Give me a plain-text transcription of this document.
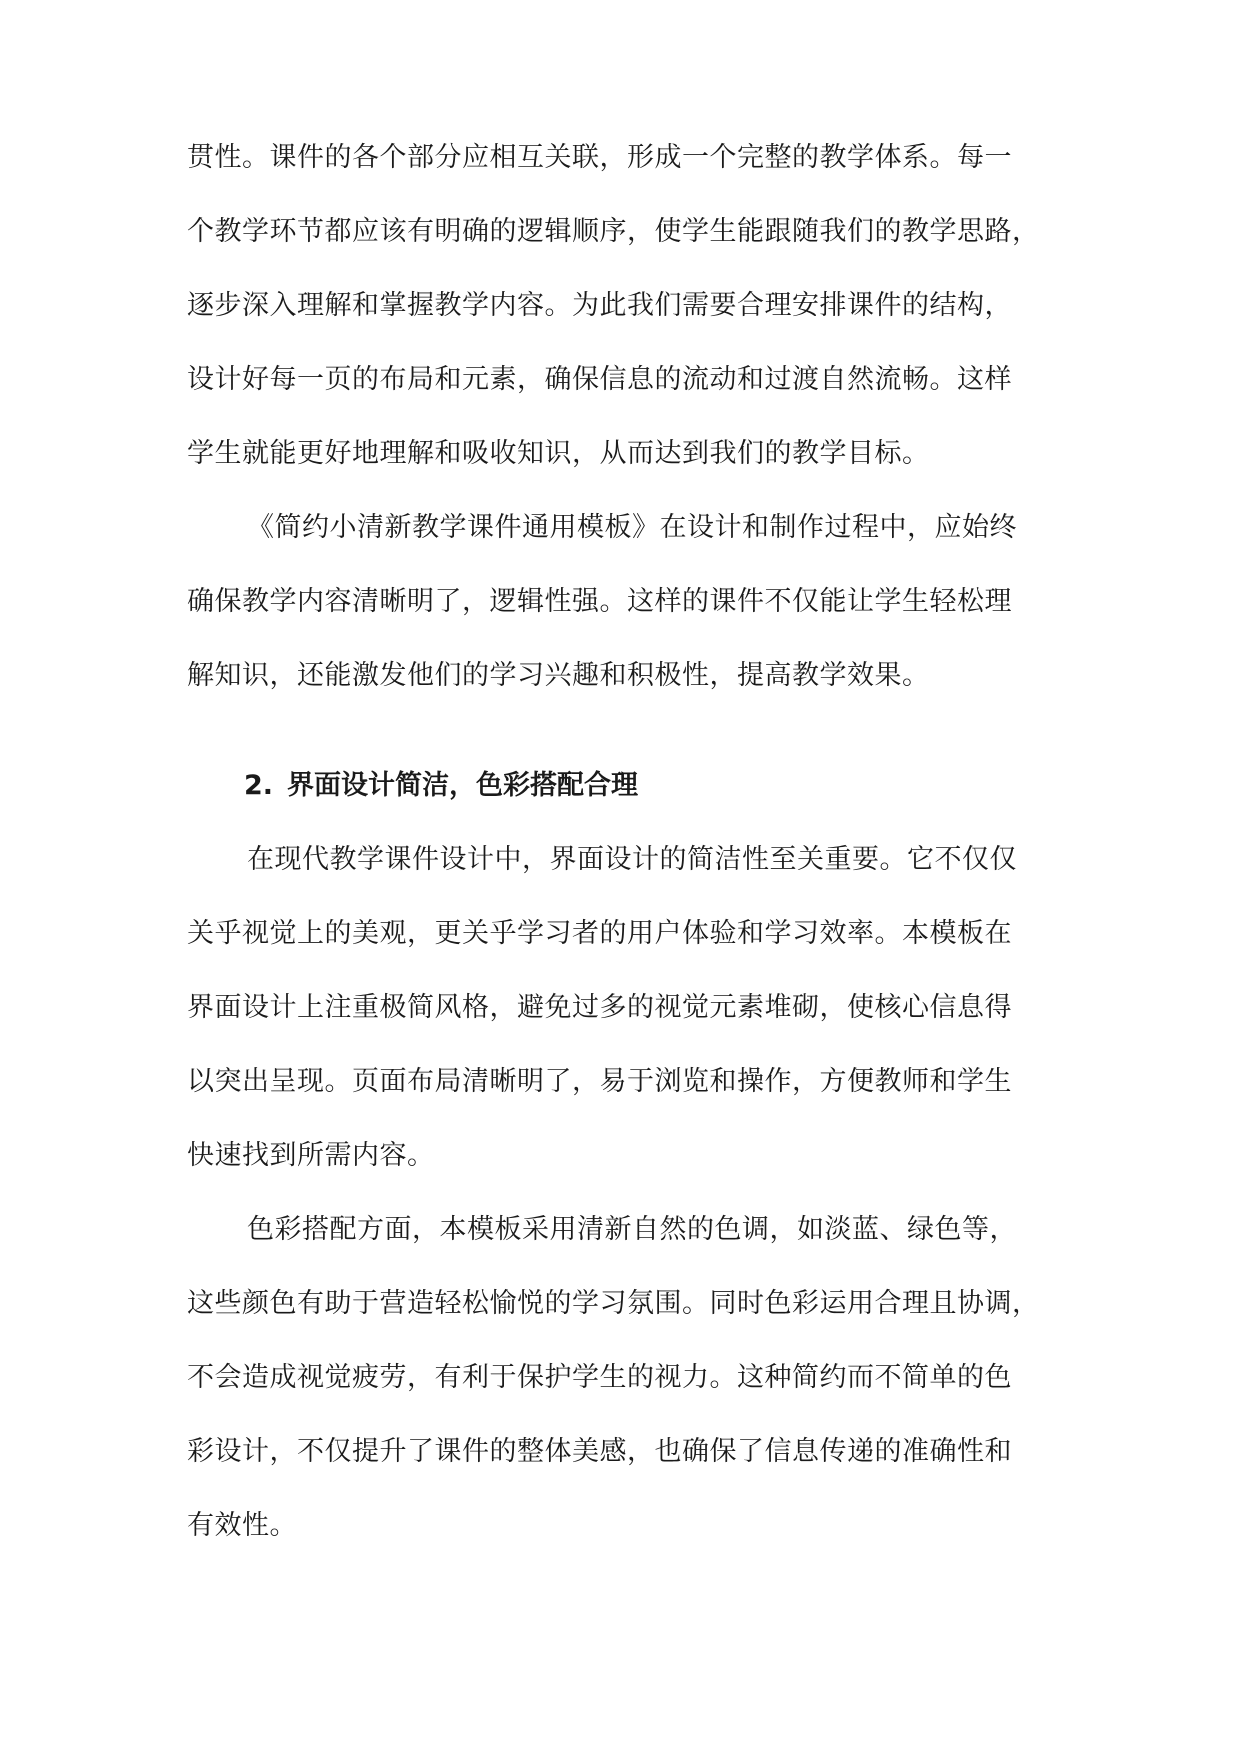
贯性。课件的各个部分应相互关联，形成一个完整的教学体系。每一
个教学环节都应该有明确的逻辑顺序，使学生能跟随我们的教学思路，
逐步深入理解和掌握教学内容。为此我们需要合理安排课件的结构，
设计好每一页的布局和元素，确保信息的流动和过渡自然流畅。这样
学生就能更好地理解和吸收知识，从而达到我们的教学目标。
《简约小清新教学课件通用模板》在设计和制作过程中，应始终
确保教学内容清晰明了，逻辑性强。这样的课件不仅能让学生轻松理
解知识，还能激发他们的学习兴趣和积极性，提高教学效果。
2. 界面设计简洁，色彩搭配合理
在现代教学课件设计中，界面设计的简洁性至关重要。它不仅仅
关乎视觉上的美观，更关乎学习者的用户体验和学习效率。本模板在
界面设计上注重极简风格，避免过多的视觉元素堆砌，使核心信息得
以突出呈现。页面布局清晰明了，易于浏览和操作，方便教师和学生
快速找到所需内容。
色彩搭配方面，本模板采用清新自然的色调，如淡蓝、绿色等，
这些颜色有助于营造轻松愉悦的学习氛围。同时色彩运用合理且协调，
不会造成视觉疲劳，有利于保护学生的视力。这种简约而不简单的色
彩设计，不仅提升了课件的整体美感，也确保了信息传递的准确性和
有效性。
